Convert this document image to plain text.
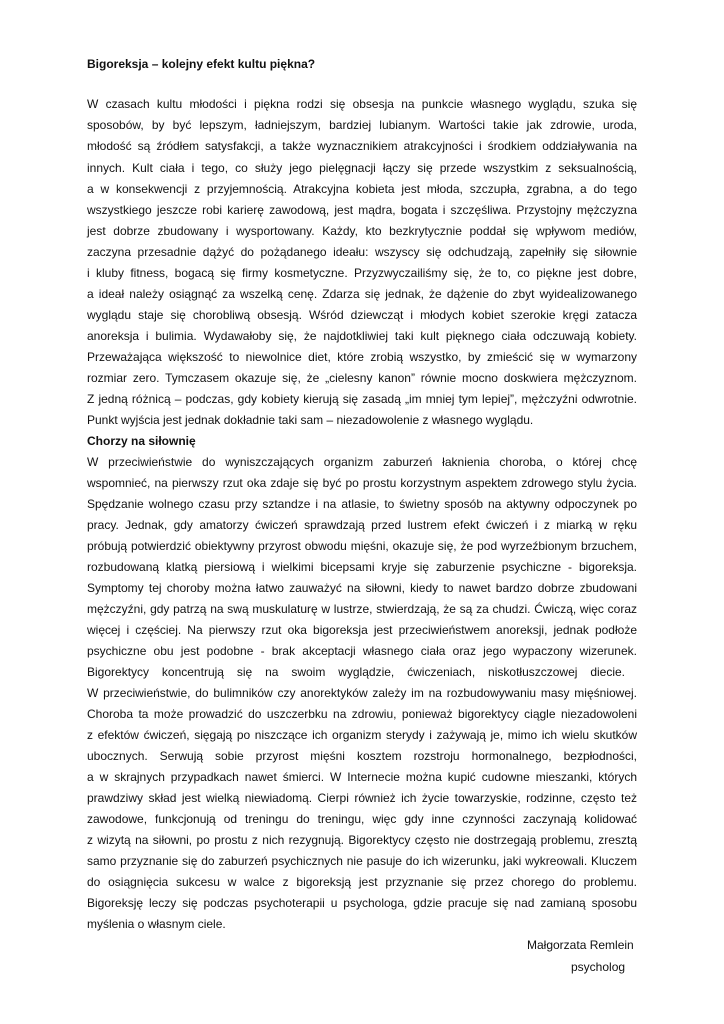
Bigoreksja – kolejny efekt kultu piękna?
W czasach kultu młodości i piękna rodzi się obsesja na punkcie własnego wyglądu, szuka się
sposobów, by być lepszym, ładniejszym, bardziej lubianym. Wartości takie jak zdrowie, uroda,
młodość są źródłem satysfakcji, a także wyznacznikiem atrakcyjności i środkiem oddziaływania na
innych. Kult ciała i tego, co służy jego pielęgnacji łączy się przede wszystkim z seksualnością,
a w konsekwencji z przyjemnością. Atrakcyjna kobieta jest młoda, szczupła, zgrabna, a do tego
wszystkiego jeszcze robi karierę zawodową, jest mądra, bogata i szczęśliwa. Przystojny mężczyzna
jest dobrze zbudowany i wysportowany. Każdy, kto bezkrytycznie poddał się wpływom mediów,
zaczyna przesadnie dążyć do pożądanego ideału: wszyscy się odchudzają, zapełniły się siłownie
i kluby fitness, bogacą się firmy kosmetyczne. Przyzwyczailiśmy się, że to, co piękne jest dobre,
a ideał należy osiągnąć za wszelką cenę. Zdarza się jednak, że dążenie do zbyt wyidealizowanego
wyglądu staje się chorobliwą obsesją. Wśród dziewcząt i młodych kobiet szerokie kręgi zatacza
anoreksja i bulimia. Wydawałoby się, że najdotkliwiej taki kult pięknego ciała odczuwają kobiety.
Przeważająca większość to niewolnice diet, które zrobią wszystko, by zmieścić się w wymarzony
rozmiar zero. Tymczasem okazuje się, że „cielesny kanon” równie mocno doskwiera mężczyznom.
Z jedną różnicą – podczas, gdy kobiety kierują się zasadą „im mniej tym lepiej”, mężczyźni odwrotnie.
Punkt wyjścia jest jednak dokładnie taki sam – niezadowolenie z własnego wyglądu.
Chorzy na siłownię
W przeciwieństwie do wyniszczających organizm zaburzeń łaknienia choroba, o której chcę
wspomnieć, na pierwszy rzut oka zdaje się być po prostu korzystnym aspektem zdrowego stylu życia.
Spędzanie wolnego czasu przy sztandze i na atlasie, to świetny sposób na aktywny odpoczynek po
pracy. Jednak, gdy amatorzy ćwiczeń sprawdzają przed lustrem efekt ćwiczeń i z miarką w ręku
próbują potwierdzić obiektywny przyrost obwodu mięśni, okazuje się, że pod wyrzeźbionym brzuchem,
rozbudowaną klatką piersiową i wielkimi bicepsami kryje się zaburzenie psychiczne - bigoreksja.
Symptomy tej choroby można łatwo zauważyć na siłowni, kiedy to nawet bardzo dobrze zbudowani
mężczyźni, gdy patrzą na swą muskulaturę w lustrze, stwierdzają, że są za chudzi. Ćwiczą, więc coraz
więcej i częściej. Na pierwszy rzut oka bigoreksja jest przeciwieństwem anoreksji, jednak podłoże
psychiczne obu jest podobne - brak akceptacji własnego ciała oraz jego wypaczony wizerunek.
Bigorektycy koncentrują się na swoim wyglądzie, ćwiczeniach, niskotłuszczowej diecie.
W przeciwieństwie, do bulimników czy anorektyków zależy im na rozbudowywaniu masy mięśniowej.
Choroba ta może prowadzić do uszczerbku na zdrowiu, ponieważ bigorektycy ciągle niezadowoleni
z efektów ćwiczeń, sięgają po niszczące ich organizm sterydy i zażywają je, mimo ich wielu skutków
ubocznych. Serwują sobie przyrost mięśni kosztem rozstroju hormonalnego, bezpłodności,
a w skrajnych przypadkach nawet śmierci. W Internecie można kupić cudowne mieszanki, których
prawdziwy skład jest wielką niewiadomą. Cierpi również ich życie towarzyskie, rodzinne, często też
zawodowe, funkcjonują od treningu do treningu, więc gdy inne czynności zaczynają kolidować
z wizytą na siłowni, po prostu z nich rezygnują. Bigorektycy często nie dostrzegają problemu, zresztą
samo przyznanie się do zaburzeń psychicznych nie pasuje do ich wizerunku, jaki wykreowali. Kluczem
do osiągnięcia sukcesu w walce z bigoreksją jest przyznanie się przez chorego do problemu.
Bigoreksję leczy się podczas psychoterapii u psychologa, gdzie pracuje się nad zamianą sposobu
myślenia o własnym ciele.
Małgorzata Remlein
psycholog
